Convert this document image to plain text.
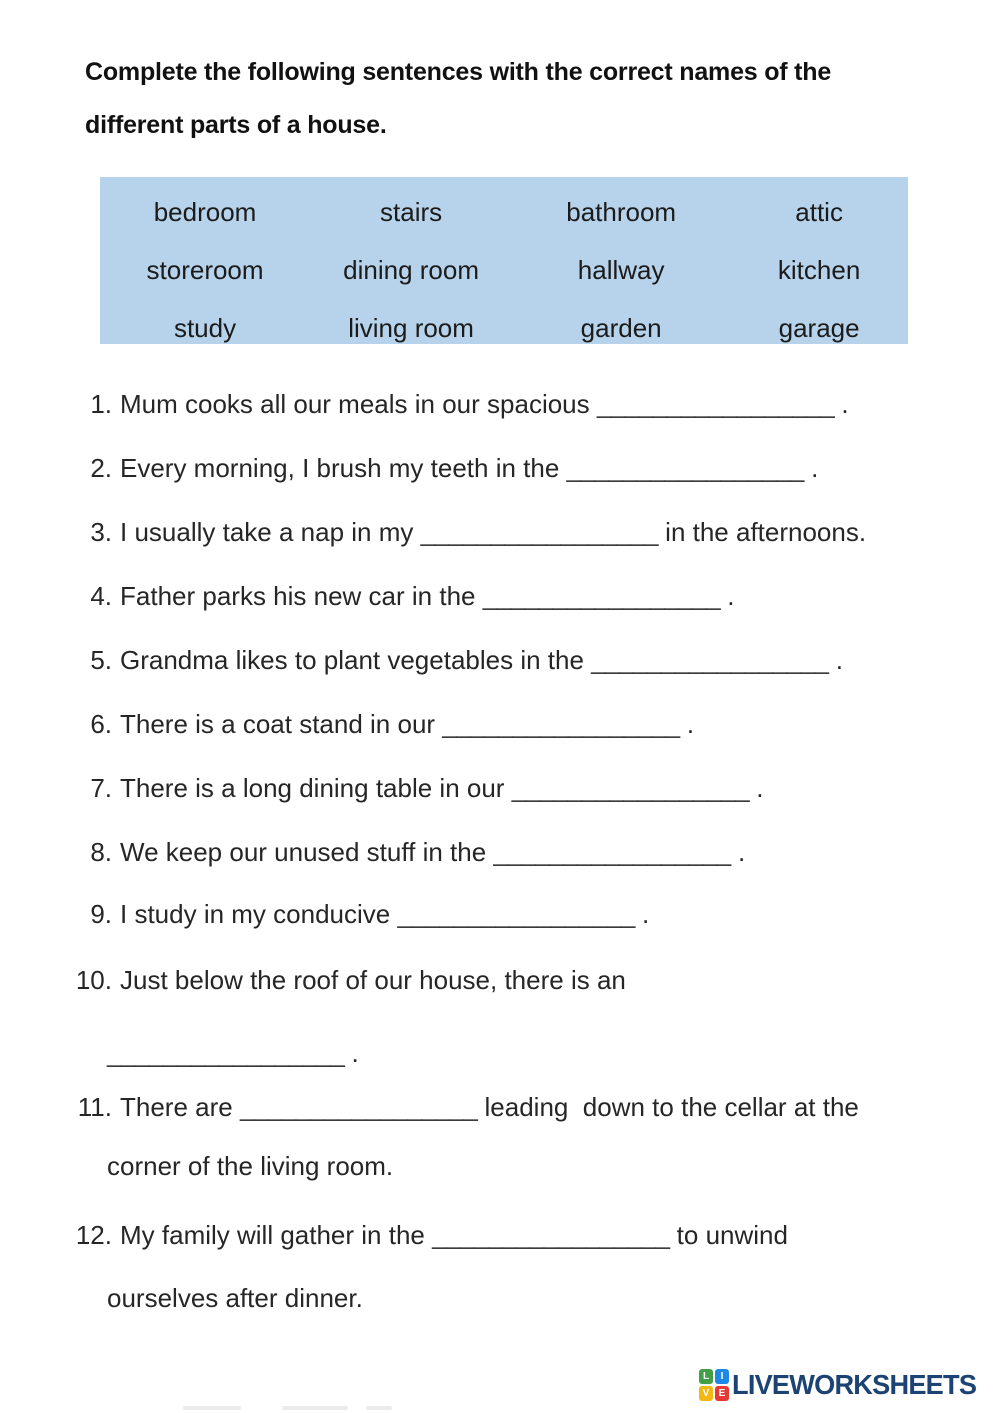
Complete the following sentences with the correct names of the
different parts of a house.
bedroom	stairs	bathroom	attic
storeroom	dining room	hallway	kitchen
study	living room	garden	garage
1. Mum cooks all our meals in our spacious _________________ .
2. Every morning, I brush my teeth in the _________________ .
3. I usually take a nap in my _________________ in the afternoons.
4. Father parks his new car in the _________________ .
5. Grandma likes to plant vegetables in the _________________ .
6. There is a coat stand in our _________________ .
7. There is a long dining table in our _________________ .
8. We keep our unused stuff in the _________________ .
9. I study in my conducive _________________ .
10. Just below the roof of our house, there is an
_________________ .
11. There are _________________ leading  down to the cellar at the
corner of the living room.
12. My family will gather in the _________________ to unwind
ourselves after dinner.
L	I
V E LIVEWORKSHEETS
